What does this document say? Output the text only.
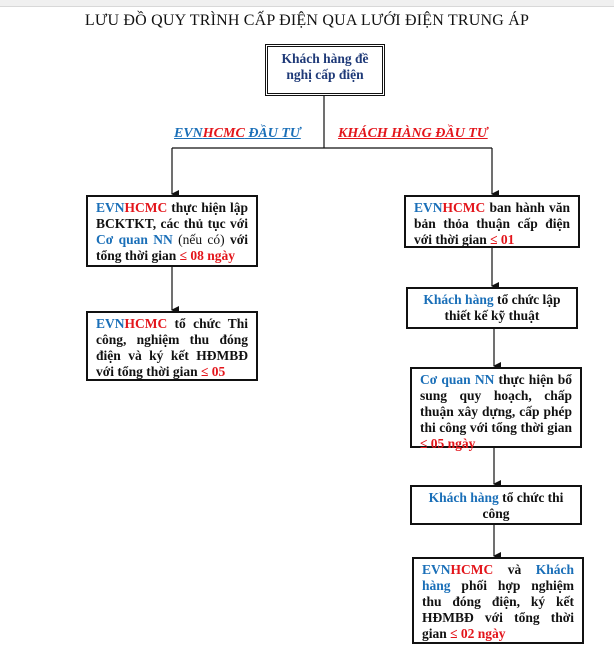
LƯU ĐỒ QUY TRÌNH CẤP ĐIỆN QUA LƯỚI ĐIỆN TRUNG ÁP
Khách hàng đề nghị cấp điện
EVNHCMC ĐẦU TƯ	KHÁCH HÀNG ĐẦU TƯ
EVNHCMC thực hiện lập BCKTKT, các thủ tục với Cơ quan NN (nếu có) với tổng thời gian ≤ 08 ngày
EVNHCMC tổ chức Thi công, nghiệm thu đóng điện và ký kết HĐMBĐ với tổng thời gian ≤ 05
EVNHCMC ban hành văn bản thỏa thuận cấp điện với thời gian ≤ 01
Khách hàng tổ chức lập thiết kế kỹ thuật
Cơ quan NN thực hiện bổ sung quy hoạch, chấp thuận xây dựng, cấp phép thi công với tổng thời gian ≤ 05 ngày
Khách hàng tổ chức thi công
EVNHCMC và Khách hàng phối hợp nghiệm thu đóng điện, ký kết HĐMBĐ với tổng thời gian ≤ 02 ngày
